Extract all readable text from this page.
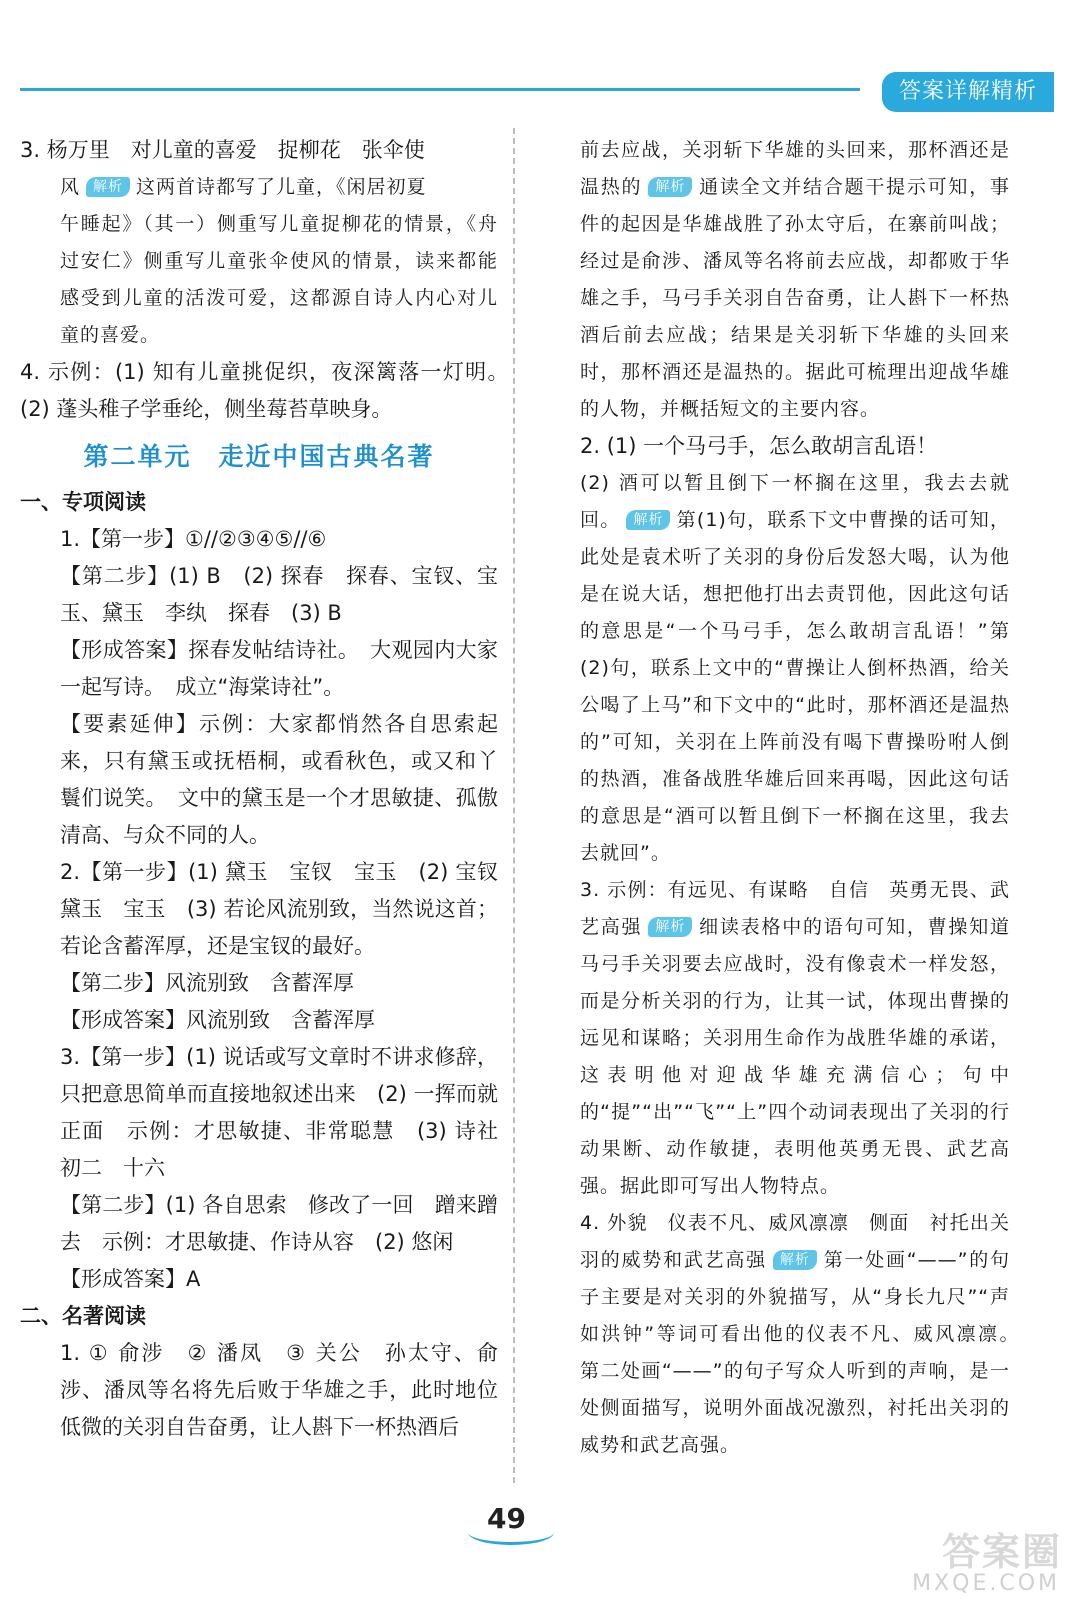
答案详解精析

3. 杨万里　对儿童的喜爱　捉柳花　张伞使

风 解析 这两首诗都写了儿童，《闲居初夏

午睡起》（其一）侧重写儿童捉柳花的情景，《舟过安仁》侧重写儿童张伞使风的情景，读来都能感受到儿童的活泼可爱，这都源自诗人内心对儿童的喜爱。

4. 示例：(1) 知有儿童挑促织，夜深篱落一灯明。　(2) 蓬头稚子学垂纶，侧坐莓苔草映身。

第二单元　走近中国古典名著

一、专项阅读

1.【第一步】①//②③④⑤//⑥

【第二步】(1) B　(2) 探春　探春、宝钗、宝玉、黛玉　李纨　探春　(3) B

【形成答案】探春发帖结诗社。　大观园内大家一起写诗。　成立“海棠诗社”。

【要素延伸】示例：大家都悄然各自思索起来，只有黛玉或抚梧桐，或看秋色，或又和丫鬟们说笑。　文中的黛玉是一个才思敏捷、孤傲清高、与众不同的人。

2.【第一步】(1) 黛玉　宝钗　宝玉　(2) 宝钗　黛玉　宝玉　(3) 若论风流别致，当然说这首；若论含蓄浑厚，还是宝钗的最好。

【第二步】风流别致　含蓄浑厚

【形成答案】风流别致　含蓄浑厚

3.【第一步】(1) 说话或写文章时不讲求修辞，只把意思简单而直接地叙述出来　(2) 一挥而就　正面　示例：才思敏捷、非常聪慧　(3) 诗社　初二　十六

【第二步】(1) 各自思索　修改了一回　蹭来蹭去　示例：才思敏捷、作诗从容　(2) 悠闲

【形成答案】A

二、名著阅读

1. ① 俞涉　② 潘凤　③ 关公　孙太守、俞涉、潘凤等名将先后败于华雄之手，此时地位低微的关羽自告奋勇，让人斟下一杯热酒后

前去应战，关羽斩下华雄的头回来，那杯酒还是温热的 解析 通读全文并结合题干提示可知，事件的起因是华雄战胜了孙太守后，在寨前叫战；经过是俞涉、潘凤等名将前去应战，却都败于华雄之手，马弓手关羽自告奋勇，让人斟下一杯热酒后前去应战；结果是关羽斩下华雄的头回来时，那杯酒还是温热的。据此可梳理出迎战华雄的人物，并概括短文的主要内容。

2. (1) 一个马弓手，怎么敢胡言乱语！

(2) 酒可以暂且倒下一杯搁在这里，我去去就回。 解析 第(1)句，联系下文中曹操的话可知，此处是袁术听了关羽的身份后发怒大喝，认为他是在说大话，想把他打出去责罚他，因此这句话的意思是“一个马弓手，怎么敢胡言乱语！”第(2)句，联系上文中的“曹操让人倒杯热酒，给关公喝了上马”和下文中的“此时，那杯酒还是温热的”可知，关羽在上阵前没有喝下曹操吩咐人倒的热酒，准备战胜华雄后回来再喝，因此这句话的意思是“酒可以暂且倒下一杯搁在这里，我去去就回”。

3. 示例：有远见、有谋略　自信　英勇无畏、武艺高强 解析 细读表格中的语句可知，曹操知道马弓手关羽要去应战时，没有像袁术一样发怒，而是分析关羽的行为，让其一试，体现出曹操的远见和谋略；关羽用生命作为战胜华雄的承诺，这表明他对迎战华雄充满信心；句中的“提”“出”“飞”“上”四个动词表现出了关羽的行动果断、动作敏捷，表明他英勇无畏、武艺高强。据此即可写出人物特点。

4. 外貌　仪表不凡、威风凛凛　侧面　衬托出关羽的威势和武艺高强 解析 第一处画“——”的句子主要是对关羽的外貌描写，从“身长九尺”“声如洪钟”等词可看出他的仪表不凡、威风凛凛。　第二处画“——”的句子写众人听到的声响，是一处侧面描写，说明外面战况激烈，衬托出关羽的威势和武艺高强。

49
答案圈
MXQE.COM
